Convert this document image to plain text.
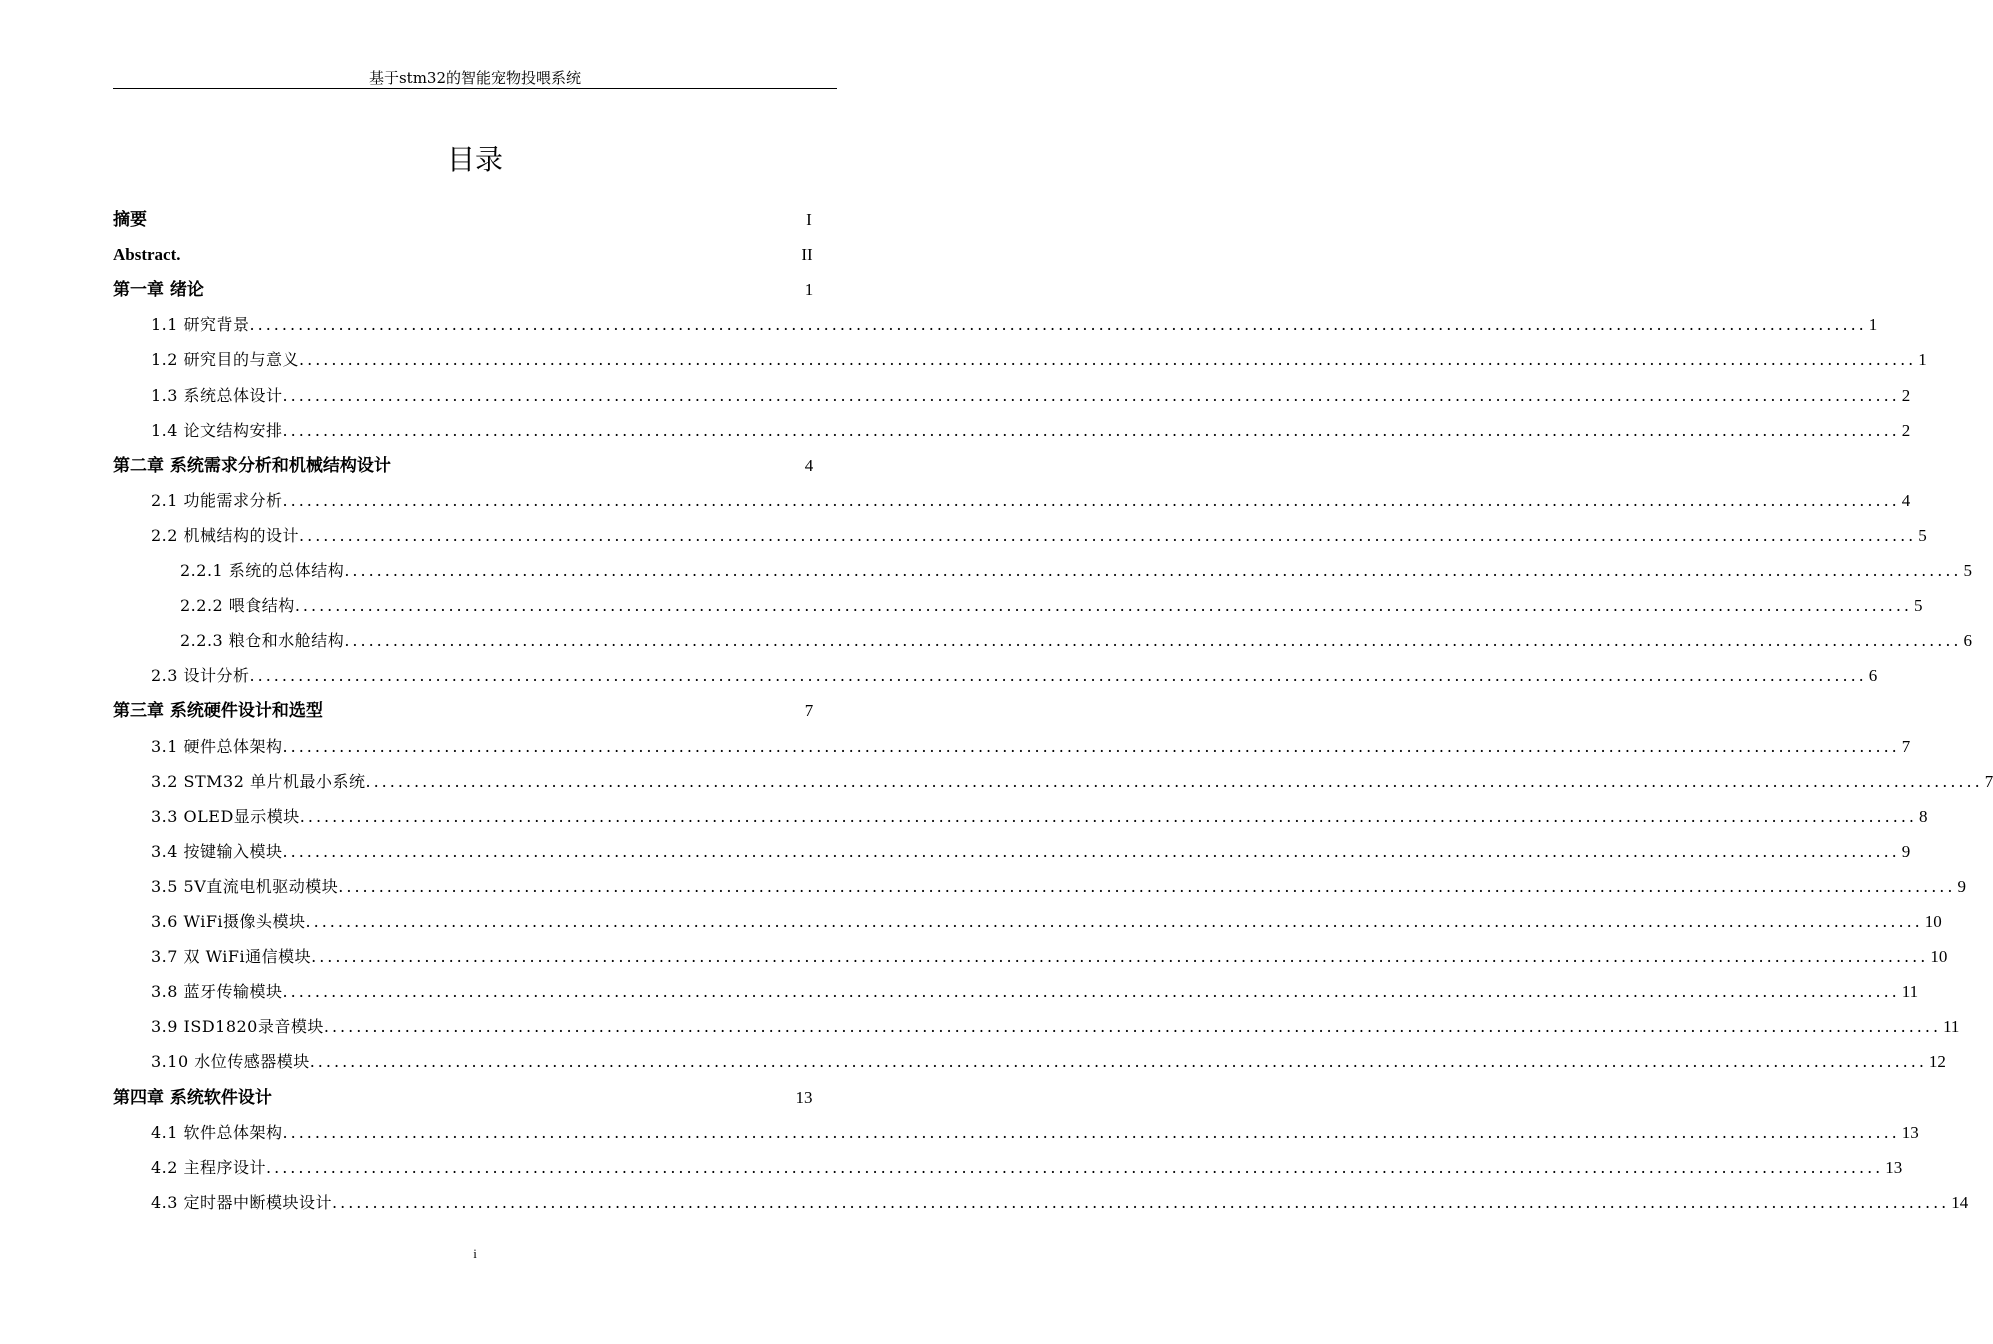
基于stm32的智能宠物投喂系统
目录
摘要	I
Abstract.	II
第一章 绪论	1
1.1 研究背景 ........................................................................................................................................................................................................ 1
1.2 研究目的与意义 ........................................................................................................................................................................................................ 1
1.3 系统总体设计 ........................................................................................................................................................................................................ 2
1.4 论文结构安排 ........................................................................................................................................................................................................ 2
第二章 系统需求分析和机械结构设计	4
2.1 功能需求分析 ........................................................................................................................................................................................................ 4
2.2 机械结构的设计 ........................................................................................................................................................................................................ 5
2.2.1 系统的总体结构 ........................................................................................................................................................................................................ 5
2.2.2 喂食结构 ........................................................................................................................................................................................................ 5
2.2.3 粮仓和水舱结构 ........................................................................................................................................................................................................ 6
2.3 设计分析 ........................................................................................................................................................................................................ 6
第三章 系统硬件设计和选型	7
3.1 硬件总体架构 ........................................................................................................................................................................................................ 7
3.2 STM32 单片机最小系统 ........................................................................................................................................................................................................ 7
3.3 OLED显示模块 ........................................................................................................................................................................................................ 8
3.4 按键输入模块 ........................................................................................................................................................................................................ 9
3.5 5V直流电机驱动模块 ........................................................................................................................................................................................................ 9
3.6 WiFi摄像头模块 ........................................................................................................................................................................................................ 10
3.7 双 WiFi通信模块 ........................................................................................................................................................................................................ 10
3.8 蓝牙传输模块 ........................................................................................................................................................................................................ 11
3.9 ISD1820录音模块 ........................................................................................................................................................................................................ 11
3.10 水位传感器模块 ........................................................................................................................................................................................................ 12
第四章 系统软件设计	13
4.1 软件总体架构 ........................................................................................................................................................................................................ 13
4.2 主程序设计 ........................................................................................................................................................................................................ 13
4.3 定时器中断模块设计 ........................................................................................................................................................................................................ 14
i
